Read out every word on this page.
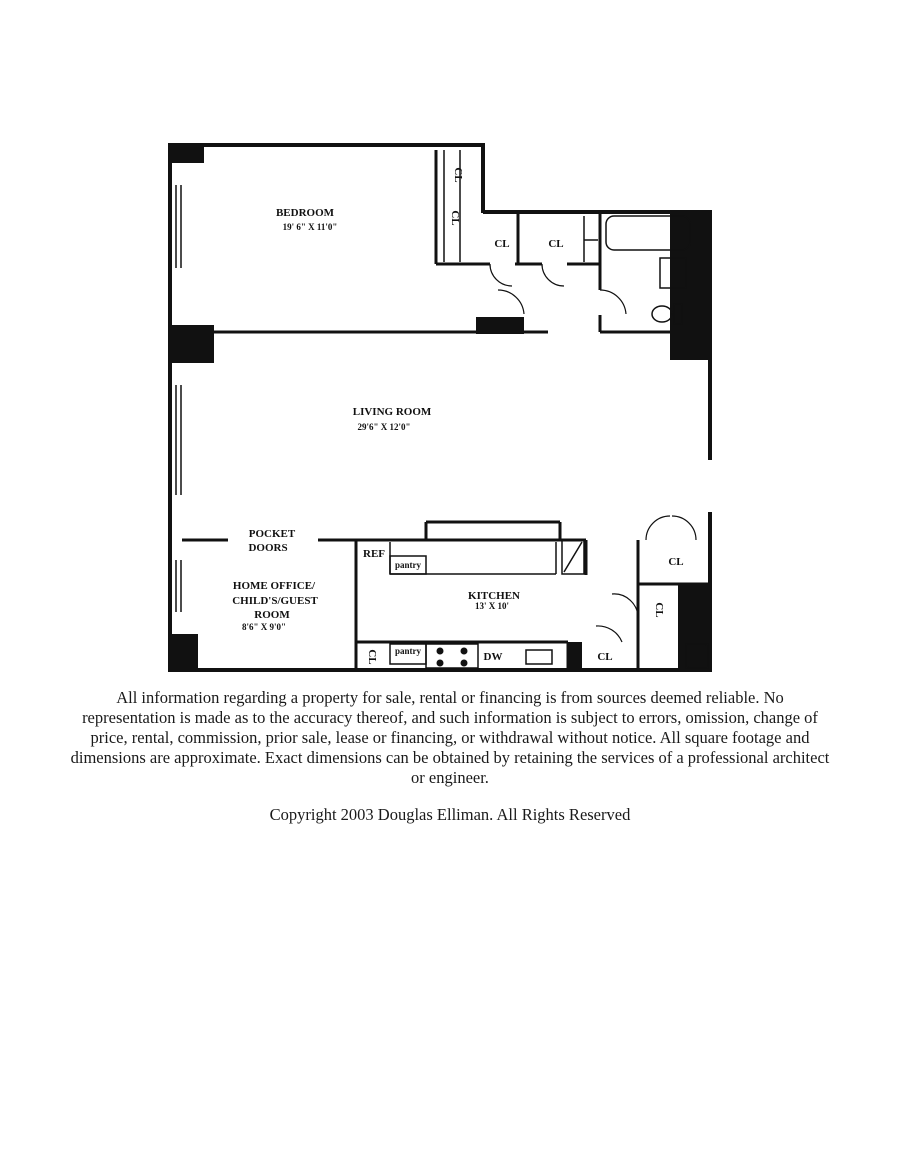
BEDROOM
19' 6" X 11'0"
LIVING ROOM
29'6" X 12'0"
POCKET
DOORS
HOME OFFICE/
CHILD'S/GUEST
ROOM
8'6" X 9'0"
KITCHEN
13' X 10'
CL
CL
CL	CL
CL
CL
CL
CL
REF
pantry
pantry	DW

All information regarding a property for sale, rental or financing is from sources deemed reliable. No representation is made as to the accuracy thereof, and such information is subject to errors, omission, change of price, rental, commission, prior sale, lease or financing, or withdrawal without notice. All square footage and dimensions are approximate. Exact dimensions can be obtained by retaining the services of a professional architect or engineer.

Copyright 2003 Douglas Elliman. All Rights Reserved
